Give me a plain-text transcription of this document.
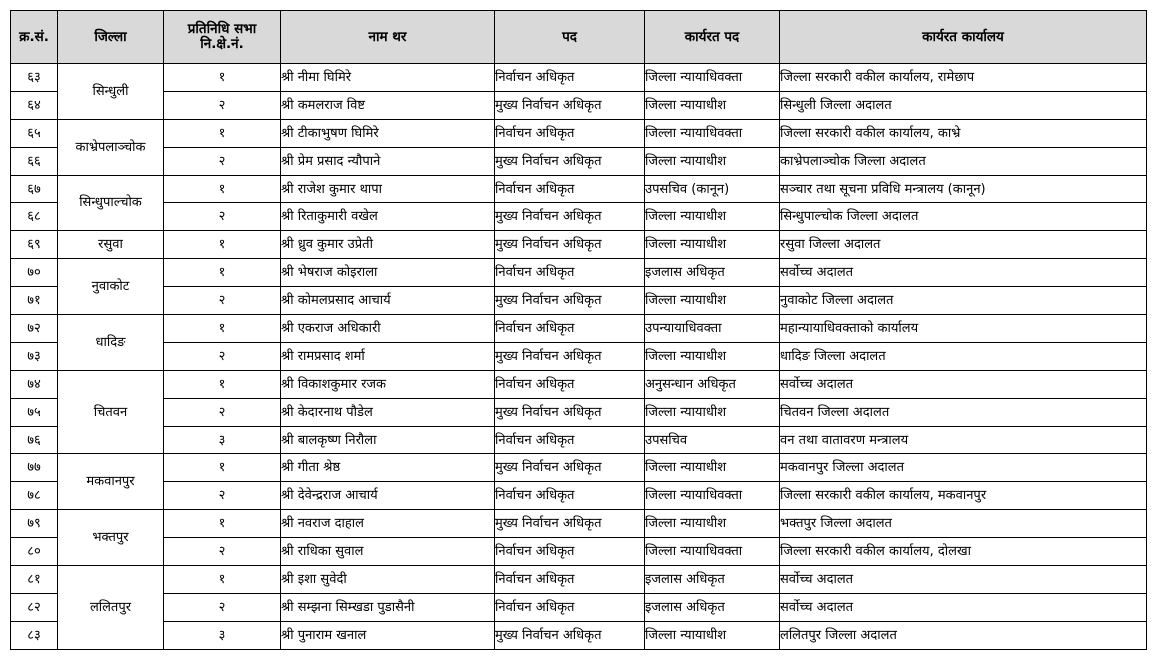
क्र.सं.	जिल्ला	प्रतिनिधि सभा
नि.क्षे.नं.	नाम थर	पद	कार्यरत पद	कार्यरत कार्यालय
६३	सिन्धुली	१	श्री नीमा घिमिरे	निर्वाचन अधिकृत	जिल्ला न्यायाधिवक्ता	जिल्ला सरकारी वकील कार्यालय, रामेछाप
६४		२	श्री कमलराज विष्ट	मुख्य निर्वाचन अधिकृत	जिल्ला न्यायाधीश	सिन्धुली जिल्ला अदालत
६५	काभ्रेपलाञ्चोक	१	श्री टीकाभुषण घिमिरे	निर्वाचन अधिकृत	जिल्ला न्यायाधिवक्ता	जिल्ला सरकारी वकील कार्यालय, काभ्रे
६६		२	श्री प्रेम प्रसाद न्यौपाने	मुख्य निर्वाचन अधिकृत	जिल्ला न्यायाधीश	काभ्रेपलाञ्चोक जिल्ला अदालत
६७	सिन्धुपाल्चोक	१	श्री राजेश कुमार थापा	निर्वाचन अधिकृत	उपसचिव (कानून)	सञ्चार तथा सूचना प्रविधि मन्त्रालय (कानून)
६८		२	श्री रिताकुमारी वखेल	मुख्य निर्वाचन अधिकृत	जिल्ला न्यायाधीश	सिन्धुपाल्चोक जिल्ला अदालत
६९	रसुवा	१	श्री ध्रुव कुमार उप्रेती	मुख्य निर्वाचन अधिकृत	जिल्ला न्यायाधीश	रसुवा जिल्ला अदालत
७०	नुवाकोट	१	श्री भेषराज कोइराला	निर्वाचन अधिकृत	इजलास अधिकृत	सर्वोच्च अदालत
७१		२	श्री कोमलप्रसाद आचार्य	मुख्य निर्वाचन अधिकृत	जिल्ला न्यायाधीश	नुवाकोट जिल्ला अदालत
७२	धादिङ	१	श्री एकराज अधिकारी	निर्वाचन अधिकृत	उपन्यायाधिवक्ता	महान्यायाधिवक्ताको कार्यालय
७३		२	श्री रामप्रसाद शर्मा	मुख्य निर्वाचन अधिकृत	जिल्ला न्यायाधीश	धादिङ जिल्ला अदालत
७४	चितवन	१	श्री विकाशकुमार रजक	निर्वाचन अधिकृत	अनुसन्धान अधिकृत	सर्वोच्च अदालत
७५		२	श्री केदारनाथ पौडेल	मुख्य निर्वाचन अधिकृत	जिल्ला न्यायाधीश	चितवन जिल्ला अदालत
७६		३	श्री बालकृष्ण निरौला	निर्वाचन अधिकृत	उपसचिव	वन तथा वातावरण मन्त्रालय
७७	मकवानपुर	१	श्री गीता श्रेष्ठ	मुख्य निर्वाचन अधिकृत	जिल्ला न्यायाधीश	मकवानपुर जिल्ला अदालत
७८		२	श्री देवेन्द्रराज आचार्य	निर्वाचन अधिकृत	जिल्ला न्यायाधिवक्ता	जिल्ला सरकारी वकील कार्यालय, मकवानपुर
७९	भक्तपुर	१	श्री नवराज दाहाल	मुख्य निर्वाचन अधिकृत	जिल्ला न्यायाधीश	भक्तपुर जिल्ला अदालत
८०		२	श्री राधिका सुवाल	निर्वाचन अधिकृत	जिल्ला न्यायाधिवक्ता	जिल्ला सरकारी वकील कार्यालय, दोलखा
८१	ललितपुर	१	श्री इशा सुवेदी	निर्वाचन अधिकृत	इजलास अधिकृत	सर्वोच्च अदालत
८२		२	श्री सम्झना सिम्खडा पुडासैनी	निर्वाचन अधिकृत	इजलास अधिकृत	सर्वोच्च अदालत
८३		३	श्री पुनाराम खनाल	मुख्य निर्वाचन अधिकृत	जिल्ला न्यायाधीश	ललितपुर जिल्ला अदालत
